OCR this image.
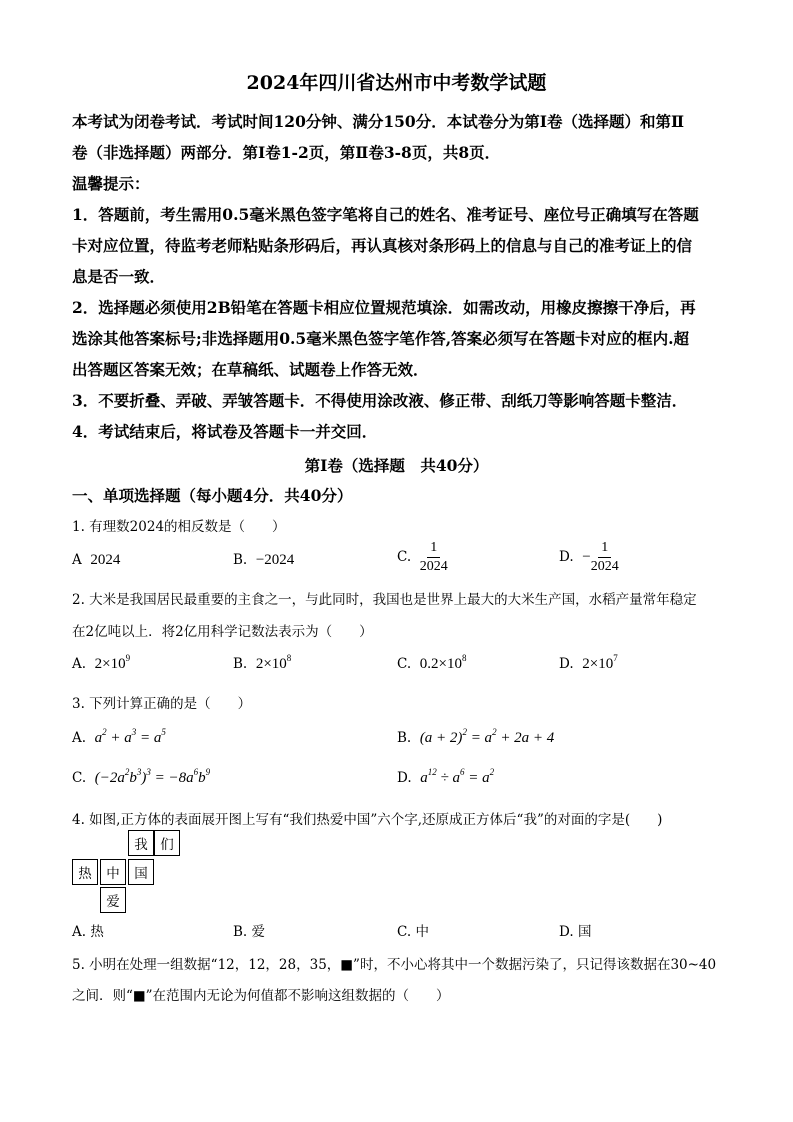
2024年四川省达州市中考数学试题
本考试为闭卷考试．考试时间120分钟、满分150分．本试卷分为第Ⅰ卷（选择题）和第Ⅱ
卷（非选择题）两部分．第Ⅰ卷1-2页，第Ⅱ卷3-8页，共8页．
温馨提示：
1．答题前，考生需用0.5毫米黑色签字笔将自己的姓名、准考证号、座位号正确填写在答题
卡对应位置，待监考老师粘贴条形码后，再认真核对条形码上的信息与自己的准考证上的信
息是否一致．
2．选择题必须使用2B铅笔在答题卡相应位置规范填涂．如需改动，用橡皮擦擦干净后，再
选涂其他答案标号;非选择题用0.5毫米黑色签字笔作答,答案必须写在答题卡对应的框内.超
出答题区答案无效；在草稿纸、试题卷上作答无效．
3．不要折叠、弄破、弄皱答题卡．不得使用涂改液、修正带、刮纸刀等影响答题卡整洁．
4．考试结束后，将试卷及答题卡一并交回．
第Ⅰ卷（选择题　共40分）
一、单项选择题（每小题4分．共40分）
1. 有理数2024的相反数是（　　）
A 2024	B. −2024	C. $\frac{1}{2024}$	D. − $\frac{1}{2024}$
2. 大米是我国居民最重要的主食之一，与此同时，我国也是世界上最大的大米生产国，水稻产量常年稳定
在2亿吨以上．将2亿用科学记数法表示为（　　）
A. $2\times 10^9$	B. $2\times 10^8$	C. $0.2\times 10^8$	D. $2\times 10^7$
3. 下列计算正确的是（　　）
A. $a^2 + a^3 = a^5$	B. $(a + 2)^2 = a^2 + 2a + 4$
C. $(-2a^2b^3)^3 = -8a^6b^9$	D. $a^{12} \div a^6 = a^2$
4. 如图,正方体的表面展开图上写有“我们热爱中国”六个字,还原成正方体后“我”的对面的字是(　　)
我 们
热	中	国
爱
A. 热	B. 爱	C. 中	D. 国
5. 小明在处理一组数据“12，12，28，35，■”时，不小心将其中一个数据污染了，只记得该数据在30~40
之间．则“■”在范围内无论为何值都不影响这组数据的（　　）
